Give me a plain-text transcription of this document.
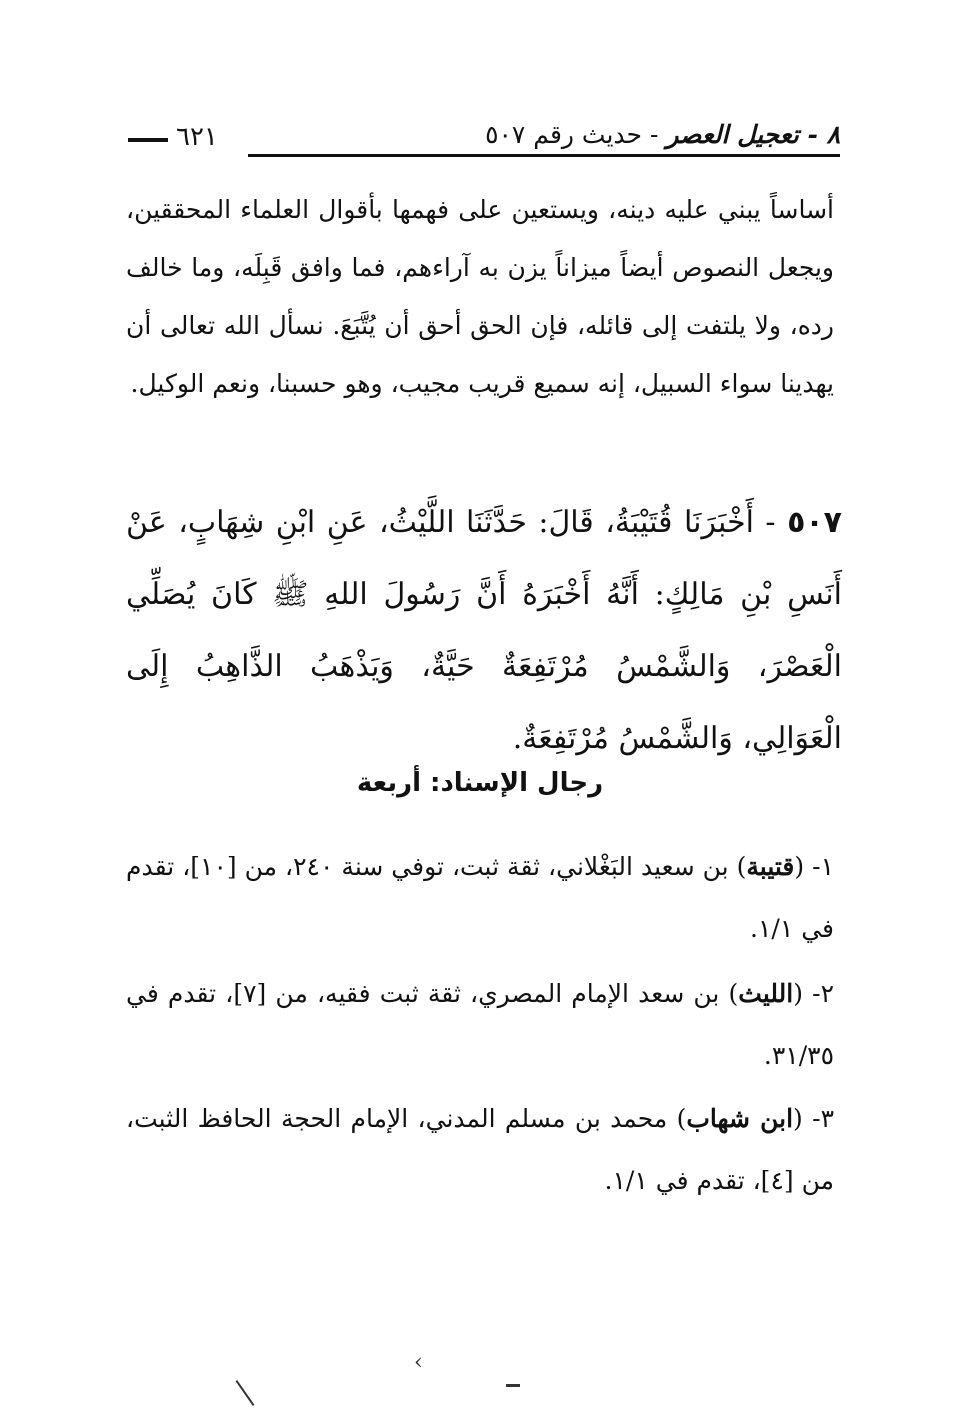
٨ - تعجيل العصر - حديث رقم ٥٠٧
٦٢١
أساساً يبني عليه دينه، ويستعين على فهمها بأقوال العلماء المحققين، ويجعل النصوص أيضاً ميزاناً يزن به آراءهم، فما وافق قَبِلَه، وما خالف رده، ولا يلتفت إلى قائله، فإن الحق أحق أن يُتَّبَعَ. نسأل الله تعالى أن يهدينا سواء السبيل، إنه سميع قريب مجيب، وهو حسبنا، ونعم الوكيل.
٥٠٧ - أَخْبَرَنَا قُتَيْبَةُ، قَالَ: حَدَّثَنَا اللَّيْثُ، عَنِ ابْنِ شِهَابٍ، عَنْ أَنَسِ بْنِ مَالِكٍ: أَنَّهُ أَخْبَرَهُ أَنَّ رَسُولَ اللهِ ﷺ كَانَ يُصَلِّي الْعَصْرَ، وَالشَّمْسُ مُرْتَفِعَةٌ حَيَّةٌ، وَيَذْهَبُ الذَّاهِبُ إِلَى الْعَوَالِي، وَالشَّمْسُ مُرْتَفِعَةٌ.
رجال الإسناد: أربعة
١- (قتيبة) بن سعيد البَغْلاني، ثقة ثبت، توفي سنة ٢٤٠، من [١٠]، تقدم في ١/١.
٢- (الليث) بن سعد الإمام المصري، ثقة ثبت فقيه، من [٧]، تقدم في ٣١/٣٥.
٣- (ابن شهاب) محمد بن مسلم المدني، الإمام الحجة الحافظ الثبت، من [٤]، تقدم في ١/١.
‹
